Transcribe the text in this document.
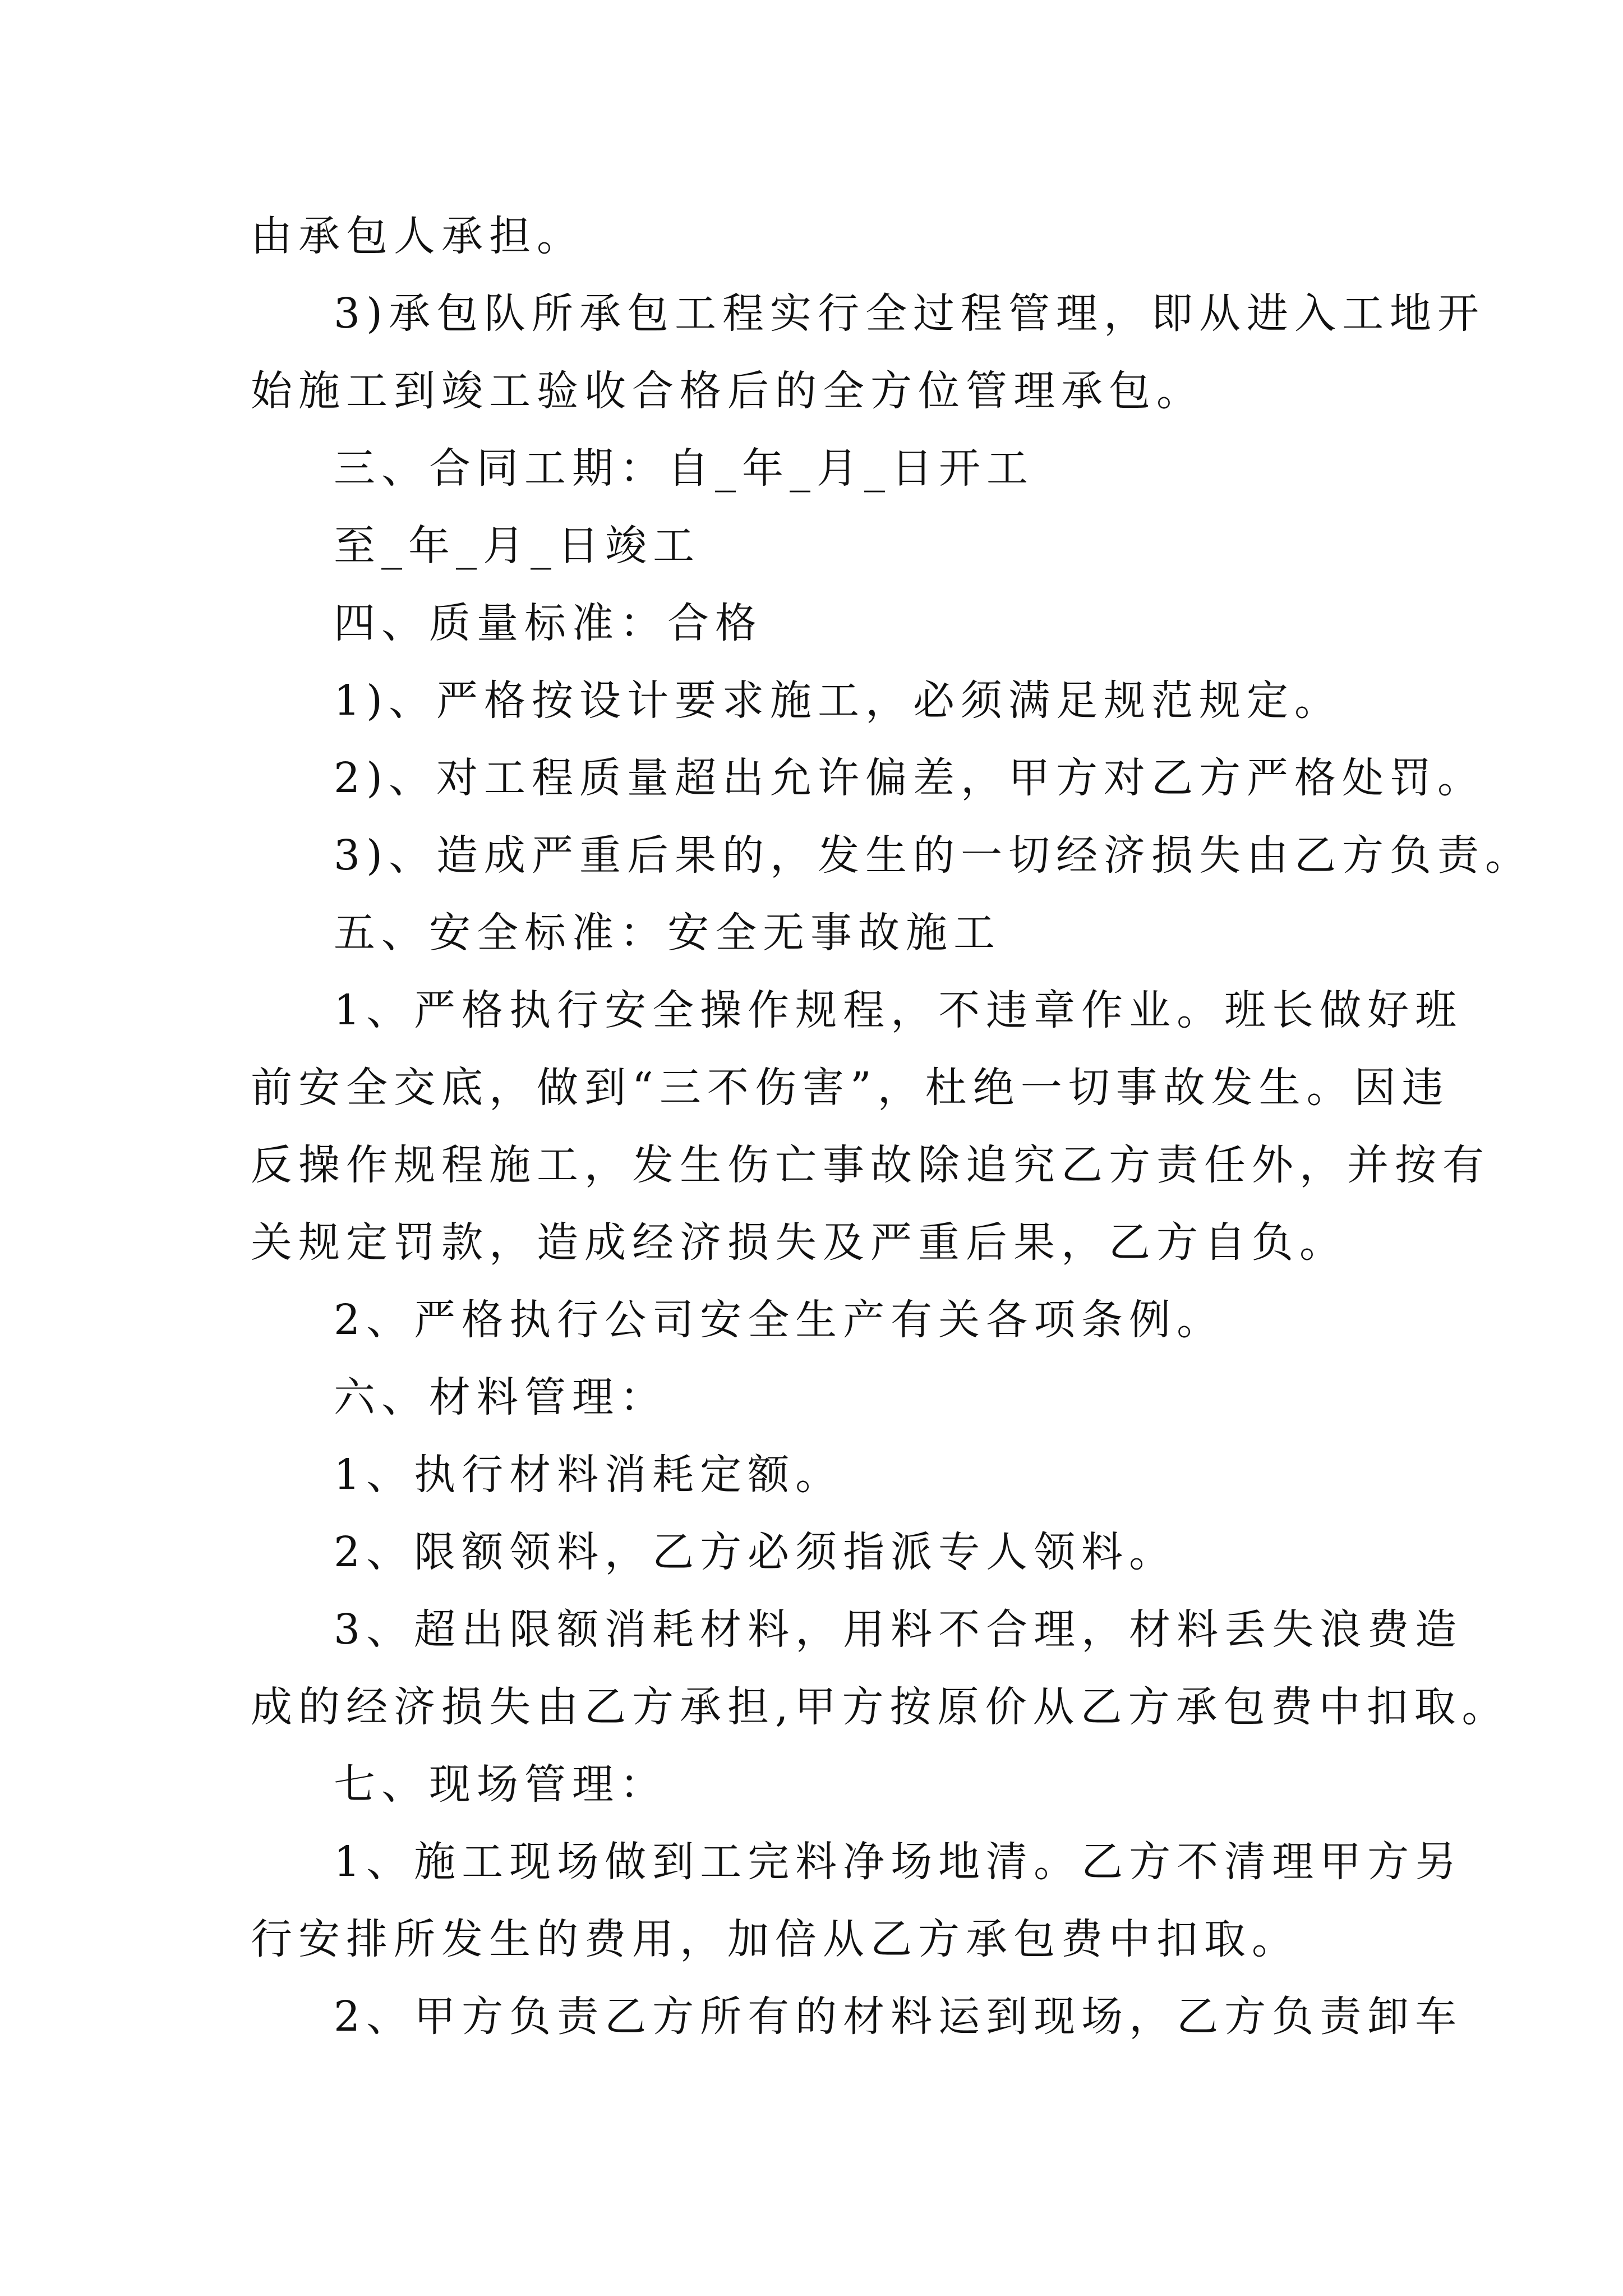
由承包人承担。
3)承包队所承包工程实行全过程管理，即从进入工地开
始施工到竣工验收合格后的全方位管理承包。
三、合同工期：自_年_月_日开工
至_年_月_日竣工
四、质量标准：合格
1)、严格按设计要求施工，必须满足规范规定。
2)、对工程质量超出允许偏差，甲方对乙方严格处罚。
3)、造成严重后果的，发生的一切经济损失由乙方负责。
五、安全标准：安全无事故施工
1、严格执行安全操作规程，不违章作业。班长做好班
前安全交底，做到“三不伤害”，杜绝一切事故发生。因违
反操作规程施工，发生伤亡事故除追究乙方责任外，并按有
关规定罚款，造成经济损失及严重后果，乙方自负。
2、严格执行公司安全生产有关各项条例。
六、材料管理：
1、执行材料消耗定额。
2、限额领料，乙方必须指派专人领料。
3、超出限额消耗材料，用料不合理，材料丢失浪费造
成的经济损失由乙方承担,甲方按原价从乙方承包费中扣取。
七、现场管理：
1、施工现场做到工完料净场地清。乙方不清理甲方另
行安排所发生的费用，加倍从乙方承包费中扣取。
2、甲方负责乙方所有的材料运到现场，乙方负责卸车
